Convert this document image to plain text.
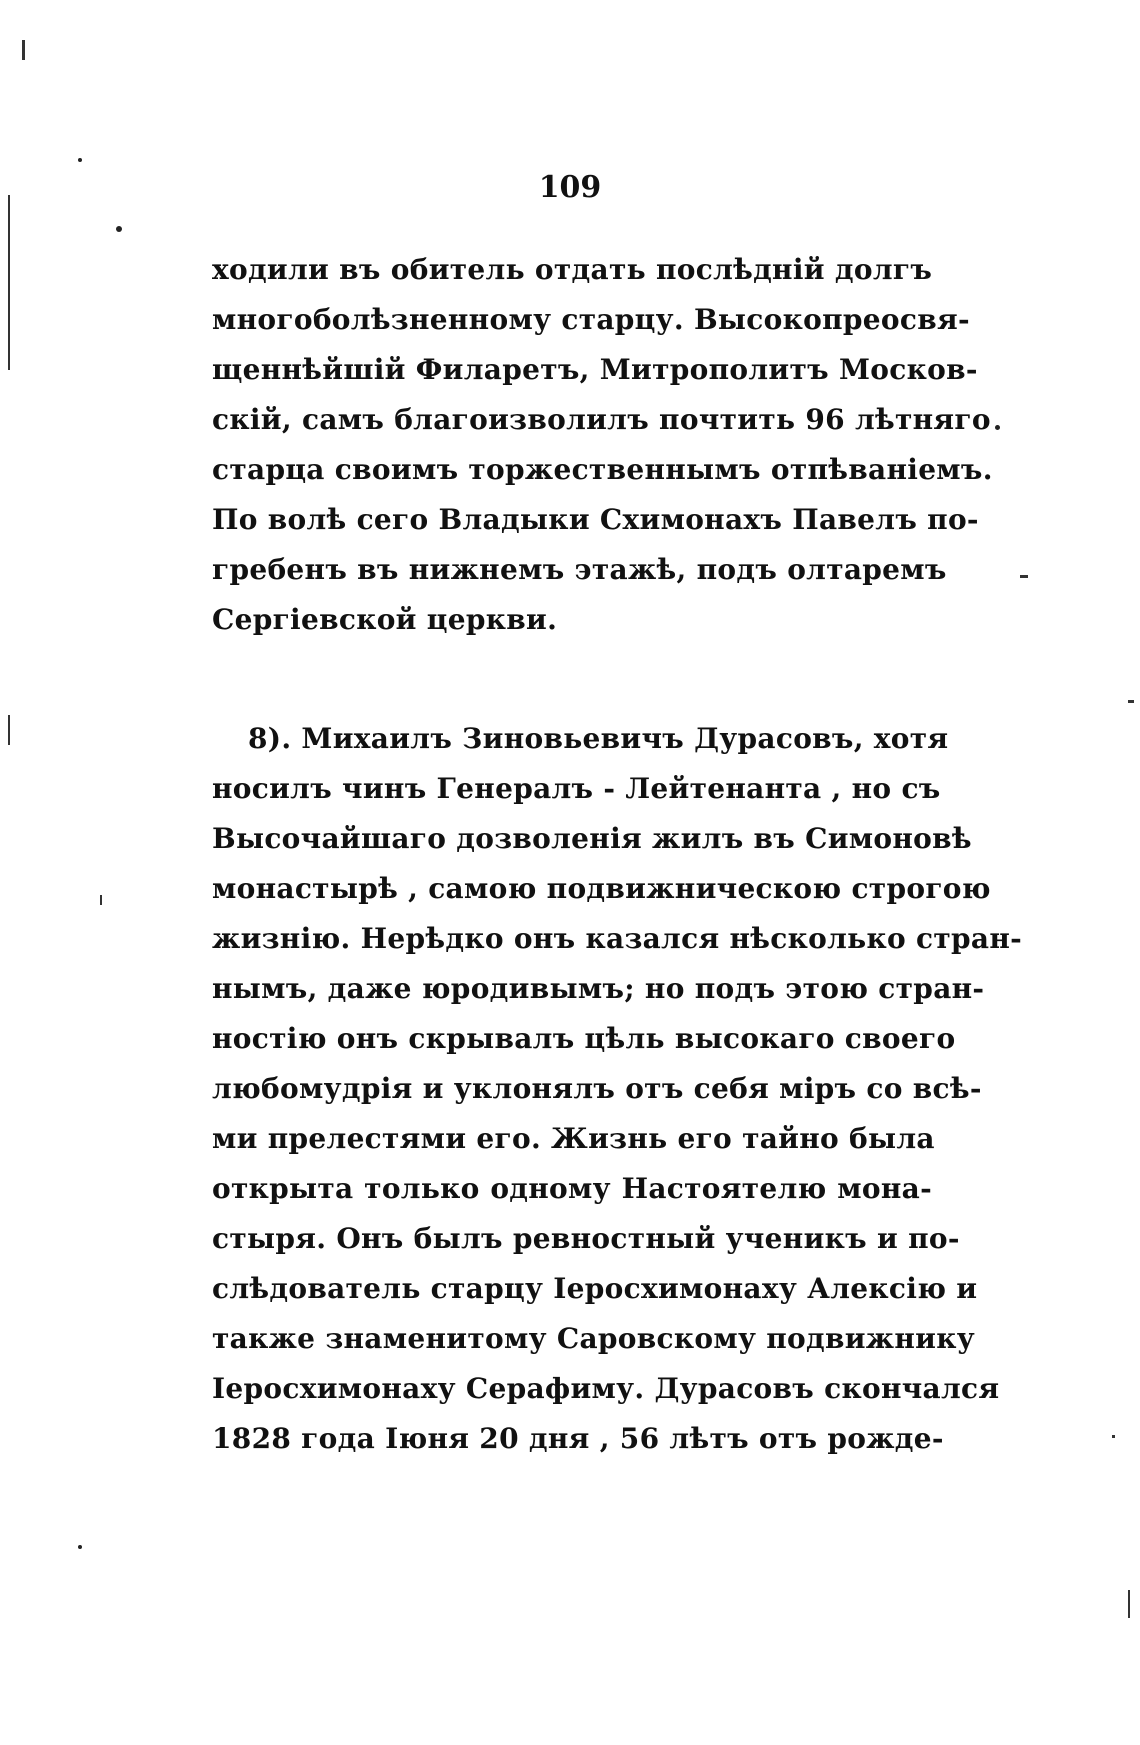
109
ходили въ обитель отдать послѣдній долгъ
многоболѣзненному старцу. Высокопреосвя-
щеннѣйшій Филаретъ, Митрополитъ Москов-
скій, самъ благоизволилъ почтить 96 лѣтняго
старца своимъ торжественнымъ отпѣваніемъ.
По волѣ сего Владыки Схимонахъ Павелъ по-
гребенъ въ нижнемъ этажѣ, подъ олтаремъ
Сергіевской церкви.
8). Михаилъ Зиновьевичъ Дурасовъ, хотя
носилъ чинъ Генералъ - Лейтенанта , но съ
Высочайшаго дозволенія жилъ въ Симоновѣ
монастырѣ , самою подвижническою строгою
жизнію. Нерѣдко онъ казался нѣсколько стран-
нымъ, даже юродивымъ; но подъ этою стран-
ностію онъ скрывалъ цѣль высокаго своего
любомудрія и уклонялъ отъ себя міръ со всѣ-
ми прелестями его. Жизнь его тайно была
открыта только одному Настоятелю мона-
стыря. Онъ былъ ревностный ученикъ и по-
слѣдователь старцу Іеросхимонаху Алексію и
также знаменитому Саровскому подвижнику
Іеросхимонаху Серафиму. Дурасовъ скончался
1828 года Іюня 20 дня , 56 лѣтъ отъ рожде-
